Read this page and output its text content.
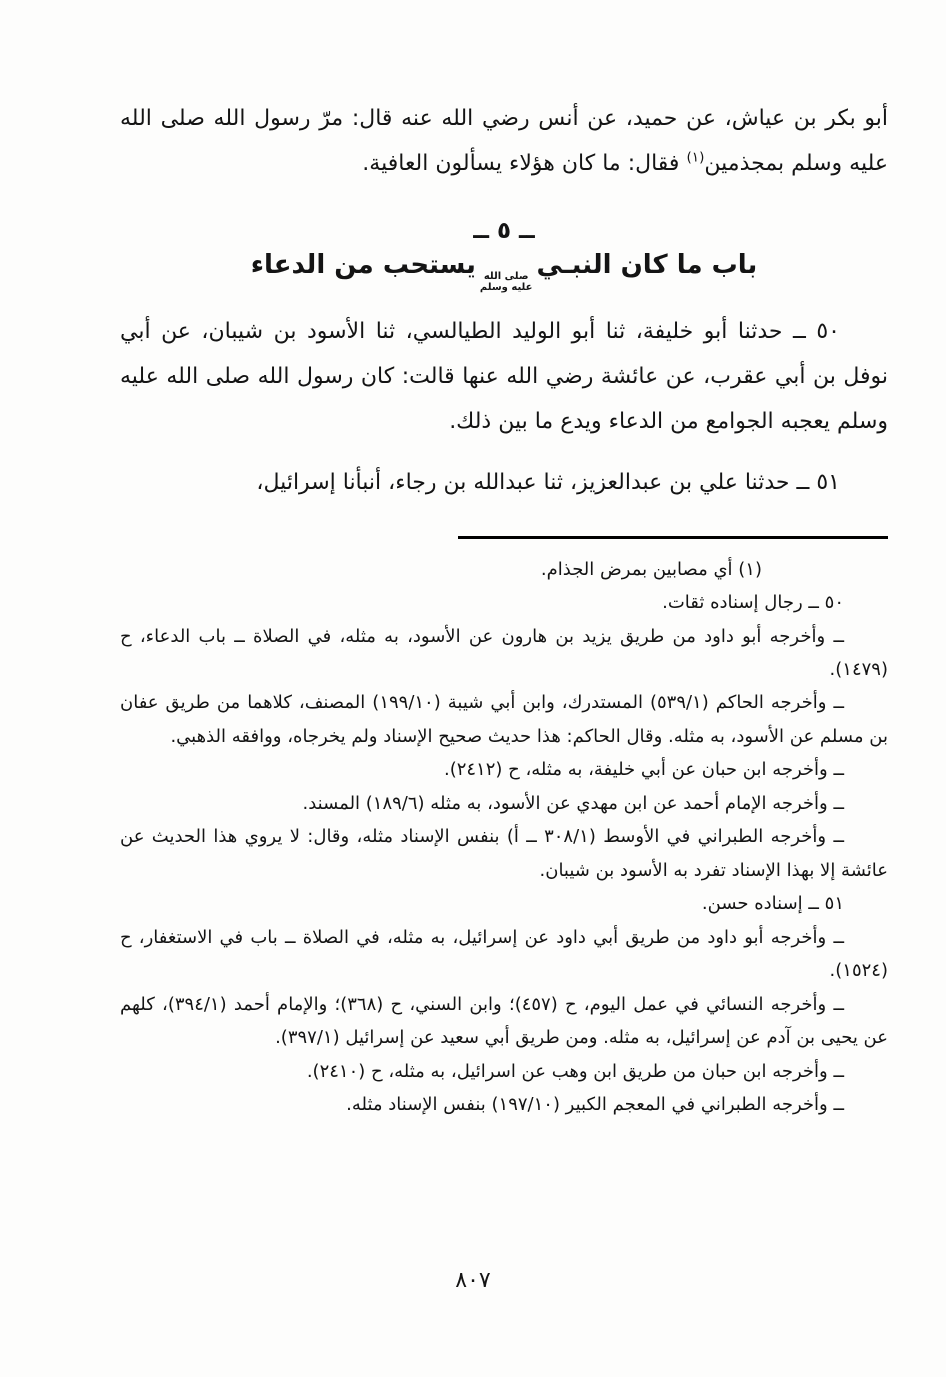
أبو بكر بن عياش، عن حميد، عن أنس رضي الله عنه قال: مرّ رسول الله صلى الله عليه وسلم بمجذمين$^{(١)}$ فقال: ما كان هؤلاء يسألون العافية.

ــ ٥ ــ
باب ما كان النبـي
صلى الله
عليه وسلم
يستحب من الدعاء

٥٠ ــ حدثنا أبو خليفة، ثنا أبو الوليد الطيالسي، ثنا الأسود بن شيبان، عن أبي نوفل بن أبي عقرب، عن عائشة رضي الله عنها قالت: كان رسول الله صلى الله عليه وسلم يعجبه الجوامع من الدعاء ويدع ما بين ذلك.

٥١ ــ حدثنا علي بن عبدالعزيز، ثنا عبدالله بن رجاء، أنبأنا إسرائيل،

(١) أي مصابين بمرض الجذام.

٥٠ ــ رجال إسناده ثقات.

ــ وأخرجه أبو داود من طريق يزيد بن هارون عن الأسود، به مثله، في الصلاة ــ باب الدعاء، ح (١٤٧٩).

ــ وأخرجه الحاكم (٥٣٩/١) المستدرك، وابن أبي شيبة (١٩٩/١٠) المصنف، كلاهما من طريق عفان بن مسلم عن الأسود، به مثله. وقال الحاكم: هذا حديث صحيح الإسناد ولم يخرجاه، ووافقه الذهبي.

ــ وأخرجه ابن حبان عن أبي خليفة، به مثله، ح (٢٤١٢).

ــ وأخرجه الإمام أحمد عن ابن مهدي عن الأسود، به مثله (١٨٩/٦) المسند.

ــ وأخرجه الطبراني في الأوسط (٣٠٨/١ ــ أ) بنفس الإسناد مثله، وقال: لا يروي هذا الحديث عن عائشة إلا بهذا الإسناد تفرد به الأسود بن شيبان.

٥١ ــ إسناده حسن.

ــ وأخرجه أبو داود من طريق أبي داود عن إسرائيل، به مثله، في الصلاة ــ باب في الاستغفار، ح (١٥٢٤).

ــ وأخرجه النسائي في عمل اليوم، ح (٤٥٧)؛ وابن السني، ح (٣٦٨)؛ والإمام أحمد (٣٩٤/١)، كلهم عن يحيى بن آدم عن إسرائيل، به مثله. ومن طريق أبي سعيد عن إسرائيل (٣٩٧/١).

ــ وأخرجه ابن حبان من طريق ابن وهب عن اسرائيل، به مثله، ح (٢٤١٠).

ــ وأخرجه الطبراني في المعجم الكبير (١٩٧/١٠) بنفس الإسناد مثله.

٨٠٧
